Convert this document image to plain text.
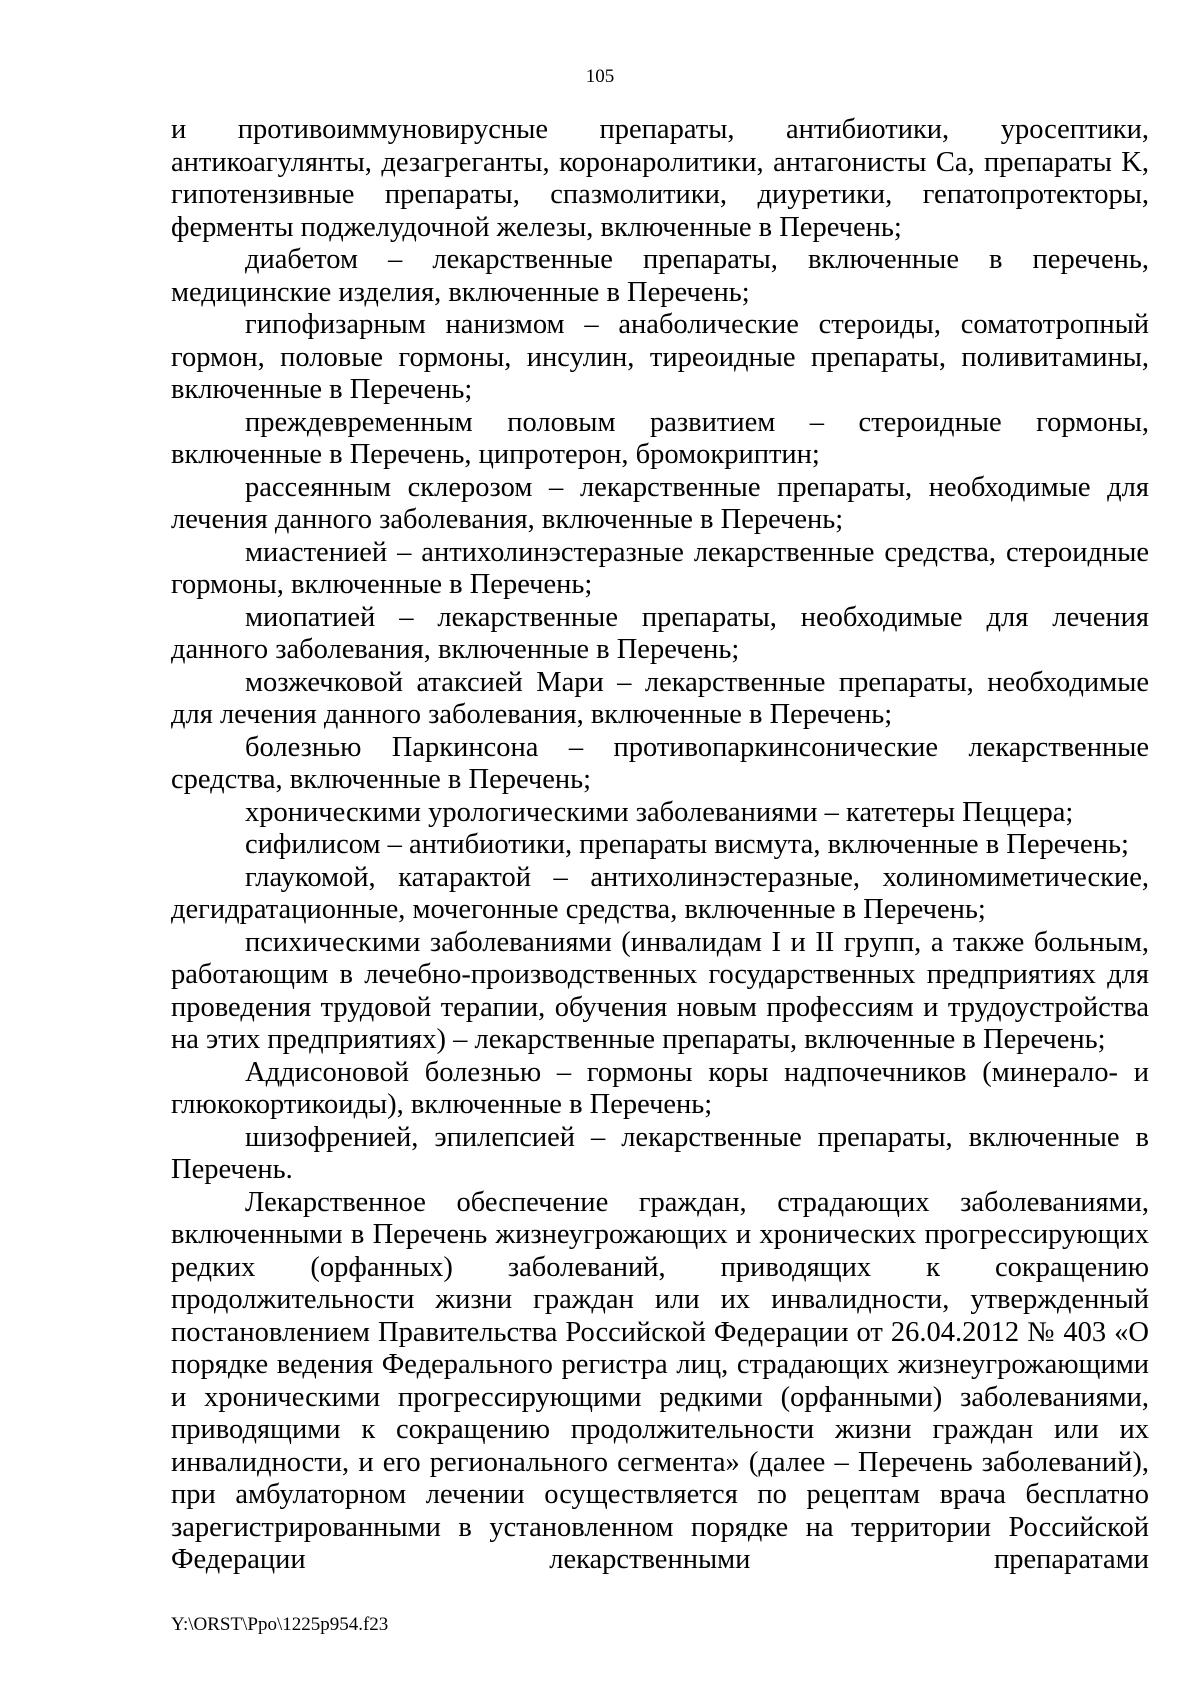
105

и противоиммуновирусные препараты, антибиотики, уросептики, антикоагулянты, дезагреганты, коронаролитики, антагонисты Са, препараты K, гипотензивные препараты, спазмолитики, диуретики, гепатопротекторы, ферменты поджелудочной железы, включенные в Перечень;

диабетом – лекарственные препараты, включенные в перечень, медицинские изделия, включенные в Перечень;

гипофизарным нанизмом – анаболические стероиды, соматотропный гормон, половые гормоны, инсулин, тиреоидные препараты, поливитамины, включенные в Перечень;

преждевременным половым развитием – стероидные гормоны, включенные в Перечень, ципротерон, бромокриптин;

рассеянным склерозом – лекарственные препараты, необходимые для лечения данного заболевания, включенные в Перечень;

миастенией – антихолинэстеразные лекарственные средства, стероидные гормоны, включенные в Перечень;

миопатией – лекарственные препараты, необходимые для лечения данного заболевания, включенные в Перечень;

мозжечковой атаксией Мари – лекарственные препараты, необходимые для лечения данного заболевания, включенные в Перечень;

болезнью Паркинсона – противопаркинсонические лекарственные средства, включенные в Перечень;

хроническими урологическими заболеваниями – катетеры Пеццера;

сифилисом – антибиотики, препараты висмута, включенные в Перечень;

глаукомой, катарактой – антихолинэстеразные, холиномиметические, дегидратационные, мочегонные средства, включенные в Перечень;

психическими заболеваниями (инвалидам I и II групп, а также больным, работающим в лечебно-производственных государственных предприятиях для проведения трудовой терапии, обучения новым профессиям и трудоустройства на этих предприятиях) – лекарственные препараты, включенные в Перечень;

Аддисоновой болезнью – гормоны коры надпочечников (минерало- и глюкокортикоиды), включенные в Перечень;

шизофренией, эпилепсией – лекарственные препараты, включенные в Перечень.

Лекарственное обеспечение граждан, страдающих заболеваниями, включенными в Перечень жизнеугрожающих и хронических прогрессирующих редких (орфанных) заболеваний, приводящих к сокращению продолжительности жизни граждан или их инвалидности, утвержденный постановлением Правительства Российской Федерации от 26.04.2012 № 403 «О порядке ведения Федерального регистра лиц, страдающих жизнеугрожающими и хроническими прогрессирующими редкими (орфанными) заболеваниями, приводящими к сокращению продолжительности жизни граждан или их инвалидности, и его регионального сегмента» (далее – Перечень заболеваний), при амбулаторном лечении осуществляется по рецептам врача бесплатно зарегистрированными в установленном порядке на территории Российской Федерации лекарственными препаратами

Y:\ORST\Ppo\1225p954.f23
